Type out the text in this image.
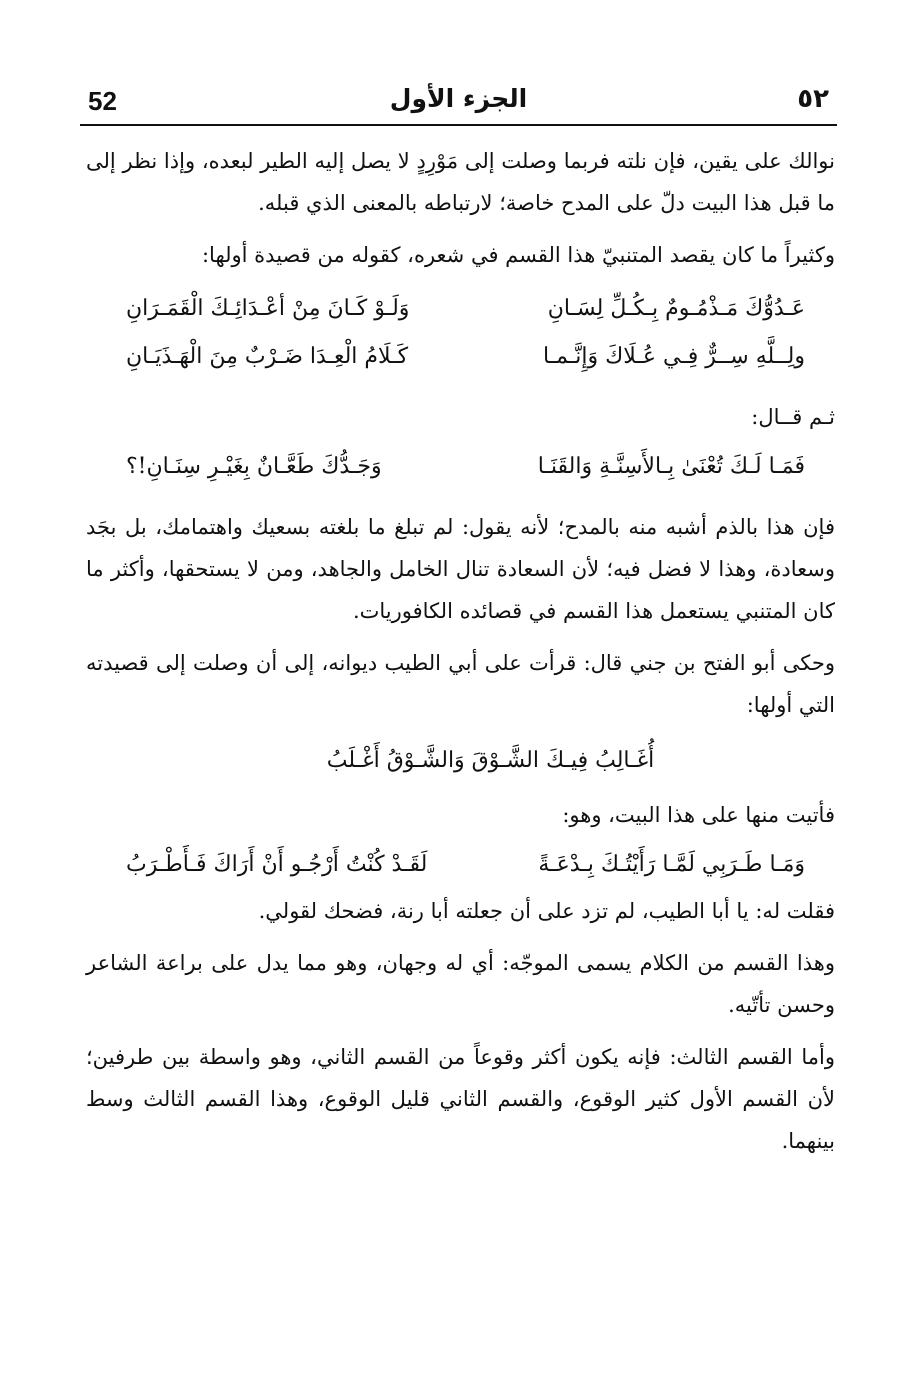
52	الجزء الأول	٥٢

نوالك على يقين، فإن نلته فربما وصلت إلى مَوْرِدٍ لا يصل إليه الطير لبعده، وإذا نظر إلى ما قبل هذا البيت دلّ على المدح خاصة؛ لارتباطه بالمعنى الذي قبله.

وكثيراً ما كان يقصد المتنبيّ هذا القسم في شعره، كقوله من قصيدة أولها:

عَـدُوُّكَ مَـذْمُـومٌ بِـكُـلِّ لِسَـانِ
وَلَـوْ كَـانَ مِنْ أعْـدَائِـكَ الْقَمَـرَانِ
ولِــلَّهِ سِــرٌّ فِـي عُـلَاكَ وَإِنَّـمـا
كَـلَامُ الْعِـدَا ضَـرْبٌ مِنَ الْهَـذَيَـانِ

ثـم قــال:

فَمَـا لَـكَ تُعْنَىٰ بِـالأَسِنَّـةِ وَالقَنَـا
وَجَـدُّكَ طَعَّـانٌ بِغَيْـرِ سِنَـانِ!؟

فإن هذا بالذم أشبه منه بالمدح؛ لأنه يقول: لم تبلغ ما بلغته بسعيك واهتمامك، بل بجَد وسعادة، وهذا لا فضل فيه؛ لأن السعادة تنال الخامل والجاهد، ومن لا يستحقها، وأكثر ما كان المتنبي يستعمل هذا القسم في قصائده الكافوريات.

وحكى أبو الفتح بن جني قال: قرأت على أبي الطيب ديوانه، إلى أن وصلت إلى قصيدته التي أولها:

أُغَـالِبُ فِيـكَ الشَّـوْقَ وَالشَّـوْقُ أَغْـلَبُ

فأتيت منها على هذا البيت، وهو:

وَمَـا طَـرَبِي لَمَّـا رَأَيْتُـكَ بِـدْعَـةً
لَقَـدْ كُنْتُ أَرْجُـو أَنْ أَرَاكَ فَـأَطْـرَبُ

فقلت له: يا أبا الطيب، لم تزد على أن جعلته أبا رنة، فضحك لقولي.

وهذا القسم من الكلام يسمى الموجّه: أي له وجهان، وهو مما يدل على براعة الشاعر وحسن تأتّيه.

وأما القسم الثالث: فإنه يكون أكثر وقوعاً من القسم الثاني، وهو واسطة بين طرفين؛ لأن القسم الأول كثير الوقوع، والقسم الثاني قليل الوقوع، وهذا القسم الثالث وسط بينهما.
